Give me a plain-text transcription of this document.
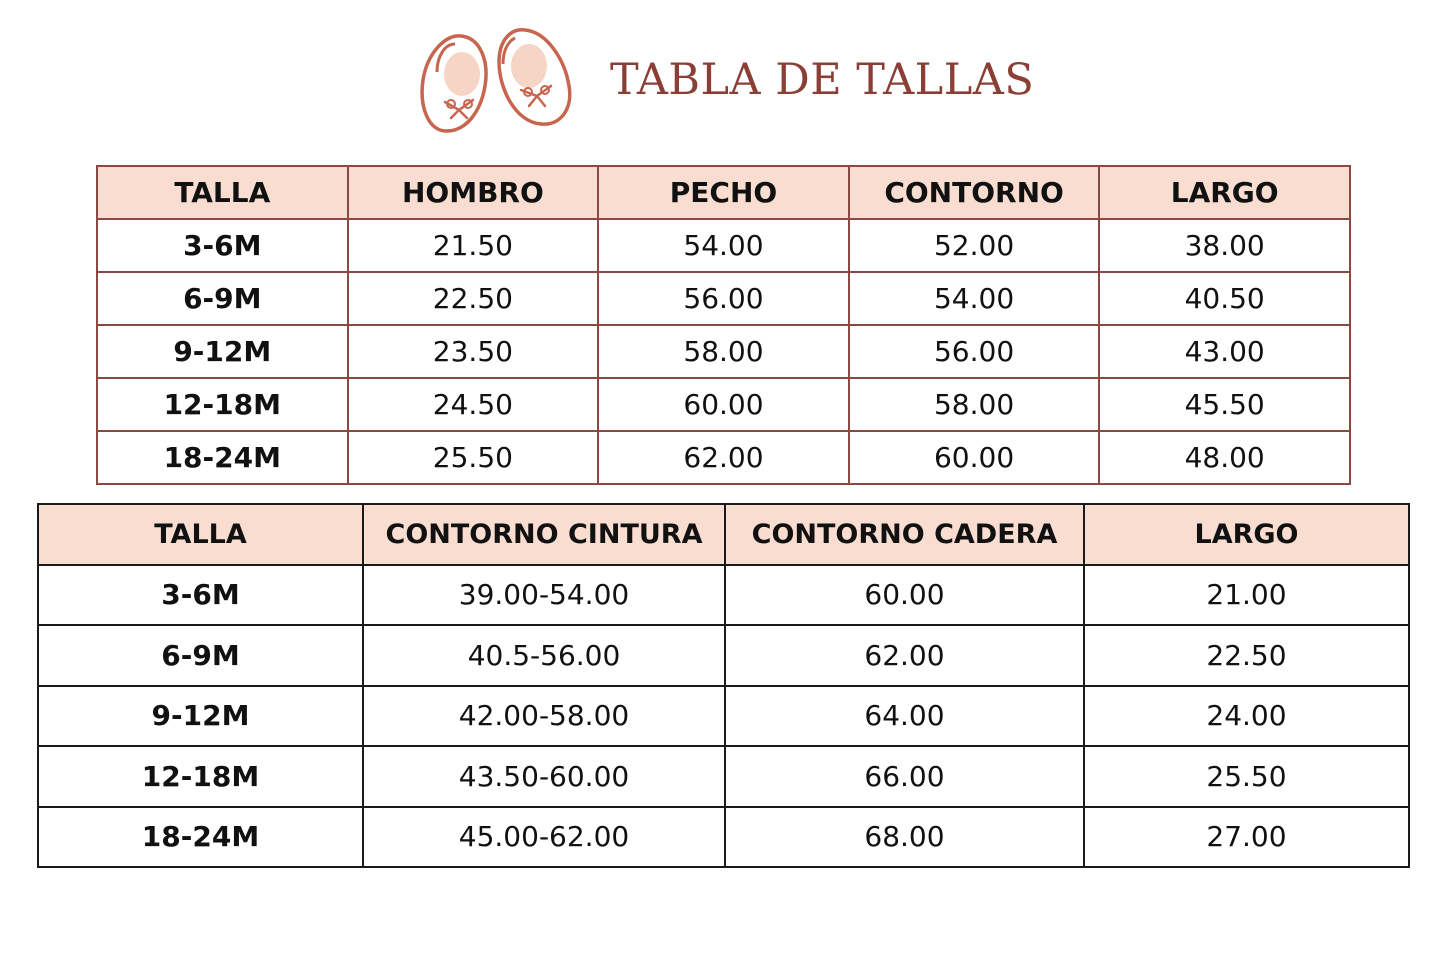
TABLA DE TALLAS
TALLA	HOMBRO	PECHO	CONTORNO	LARGO
3-6M	21.50	54.00	52.00	38.00
6-9M	22.50	56.00	54.00	40.50
9-12M	23.50	58.00	56.00	43.00
12-18M	24.50	60.00	58.00	45.50
18-24M	25.50	62.00	60.00	48.00
TALLA	CONTORNO CINTURA	CONTORNO CADERA	LARGO
3-6M	39.00-54.00	60.00	21.00
6-9M	40.5-56.00	62.00	22.50
9-12M	42.00-58.00	64.00	24.00
12-18M	43.50-60.00	66.00	25.50
18-24M	45.00-62.00	68.00	27.00
